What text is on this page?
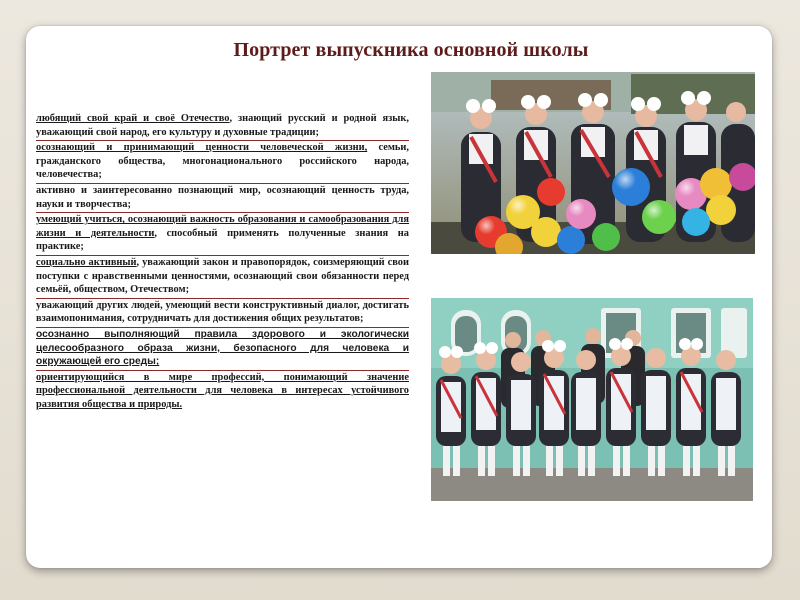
Портрет выпускника основной школы

любящий свой край и своё Отечество, знающий русский и родной язык, уважающий свой народ, его культуру и духовные традиции;

осознающий и принимающий ценности человеческой жизни, семьи, гражданского общества, многонационального российского народа, человечества;

активно и заинтересованно познающий мир, осознающий ценность труда, науки и творчества;

умеющий учиться, осознающий важность образования и самообразования для жизни и деятельности, способный применять полученные знания на практике;

социально активный, уважающий закон и правопорядок, соизмеряющий свои поступки с нравственными ценностями, осознающий свои обязанности перед семьёй, обществом, Отечеством;

уважающий других людей, умеющий вести конструктивный диалог, достигать взаимопонимания, сотрудничать для достижения общих результатов;

осознанно выполняющий правила здорового и экологически целесообразного образа жизни, безопасного для человека и окружающей его среды;

ориентирующийся в мире профессий, понимающий значение профессиональной деятельности для человека в интересах устойчивого развития общества и природы.
